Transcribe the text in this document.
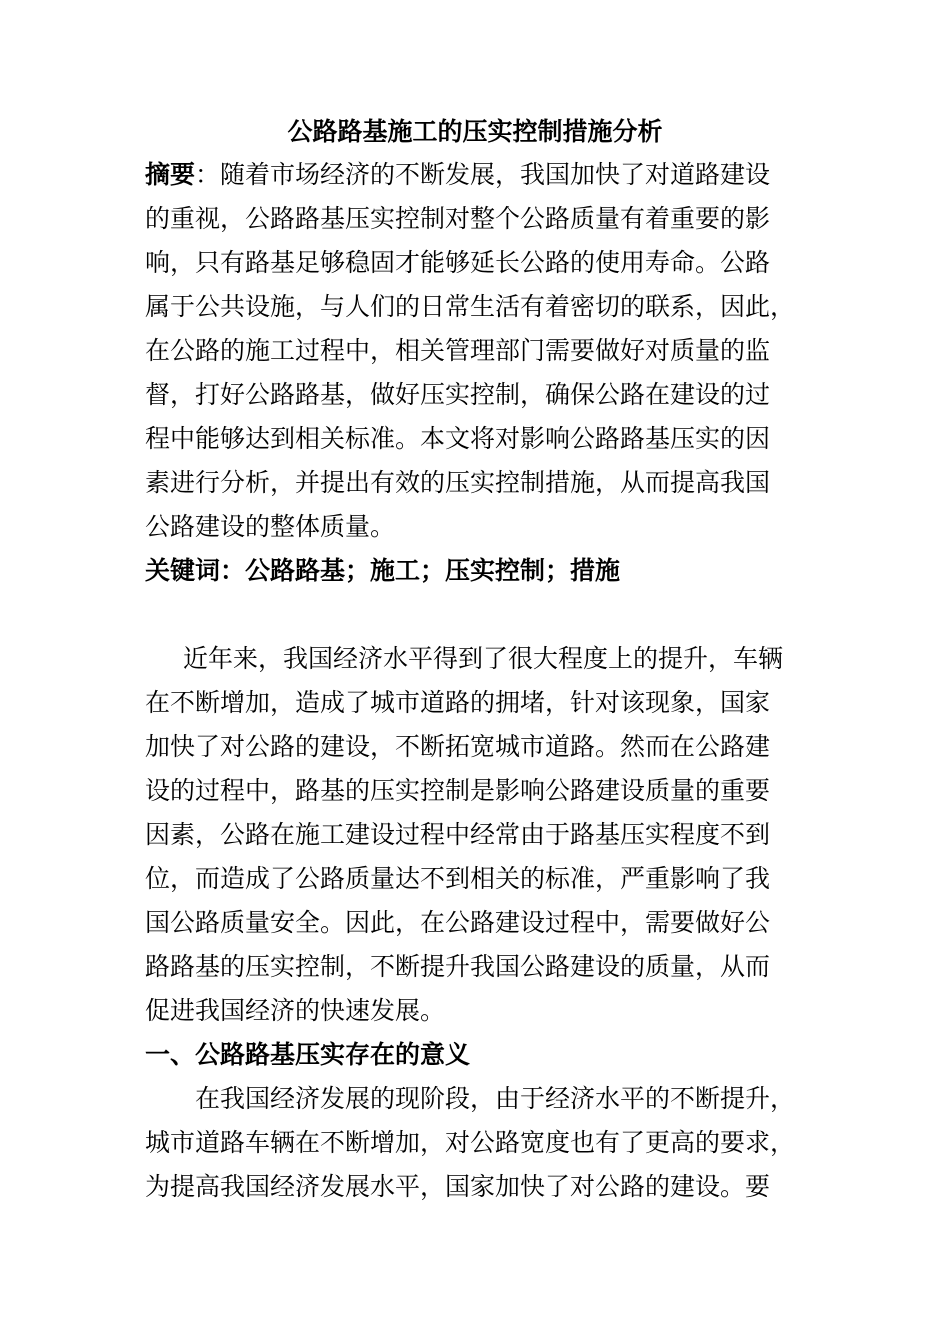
公路路基施工的压实控制措施分析
摘要：随着市场经济的不断发展，我国加快了对道路建设
的重视，公路路基压实控制对整个公路质量有着重要的影
响，只有路基足够稳固才能够延长公路的使用寿命。公路
属于公共设施，与人们的日常生活有着密切的联系，因此，
在公路的施工过程中，相关管理部门需要做好对质量的监
督，打好公路路基，做好压实控制，确保公路在建设的过
程中能够达到相关标准。本文将对影响公路路基压实的因
素进行分析，并提出有效的压实控制措施，从而提高我国
公路建设的整体质量。
关键词：公路路基；施工；压实控制；措施
近年来，我国经济水平得到了很大程度上的提升，车辆
在不断增加，造成了城市道路的拥堵，针对该现象，国家
加快了对公路的建设，不断拓宽城市道路。然而在公路建
设的过程中，路基的压实控制是影响公路建设质量的重要
因素，公路在施工建设过程中经常由于路基压实程度不到
位，而造成了公路质量达不到相关的标准，严重影响了我
国公路质量安全。因此，在公路建设过程中，需要做好公
路路基的压实控制，不断提升我国公路建设的质量，从而
促进我国经济的快速发展。
一、公路路基压实存在的意义
在我国经济发展的现阶段，由于经济水平的不断提升，
城市道路车辆在不断增加，对公路宽度也有了更高的要求，
为提高我国经济发展水平，国家加快了对公路的建设。要
